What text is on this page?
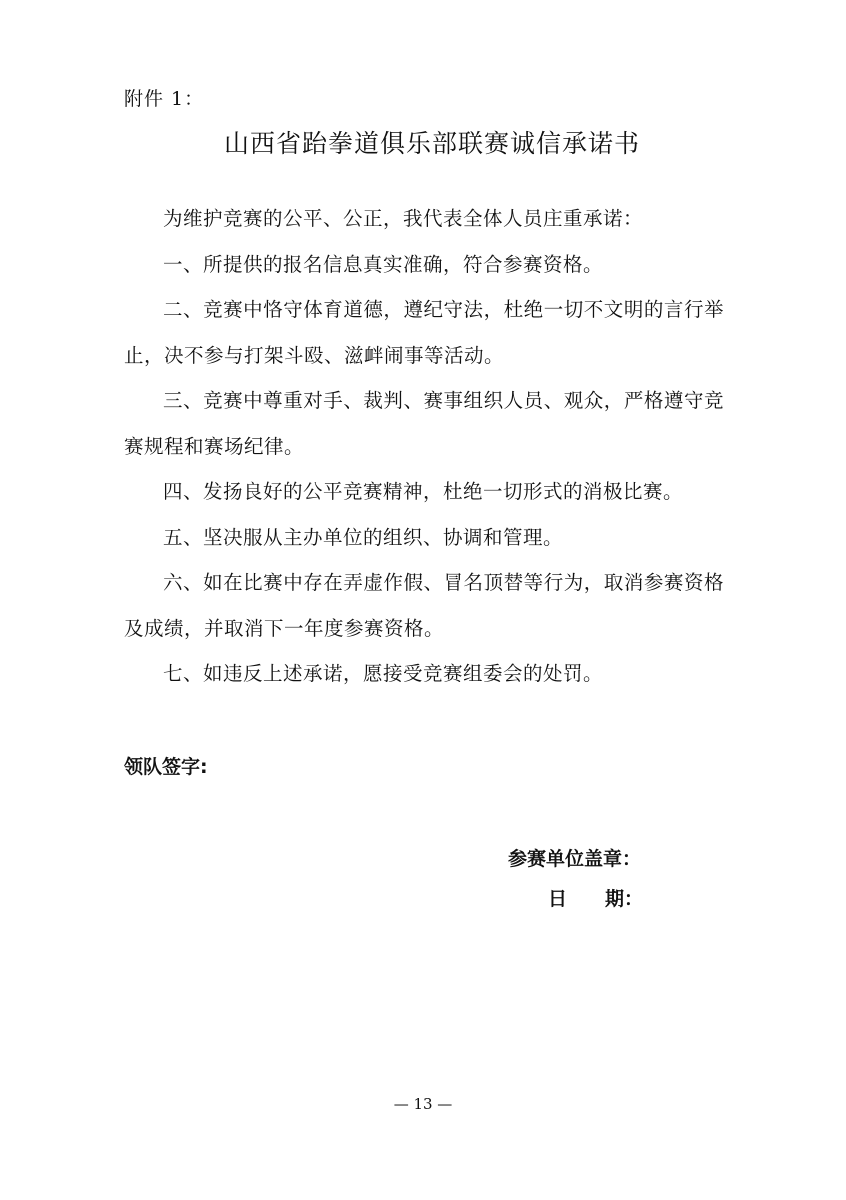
附件 1：
山西省跆拳道俱乐部联赛诚信承诺书

为维护竞赛的公平、公正，我代表全体人员庄重承诺：

一、所提供的报名信息真实准确，符合参赛资格。

二、竞赛中恪守体育道德，遵纪守法，杜绝一切不文明的言行举止，决不参与打架斗殴、滋衅闹事等活动。

三、竞赛中尊重对手、裁判、赛事组织人员、观众，严格遵守竞赛规程和赛场纪律。

四、发扬良好的公平竞赛精神，杜绝一切形式的消极比赛。

五、坚决服从主办单位的组织、协调和管理。

六、如在比赛中存在弄虚作假、冒名顶替等行为，取消参赛资格及成绩，并取消下一年度参赛资格。

七、如违反上述承诺，愿接受竞赛组委会的处罚。

领队签字:
参赛单位盖章：
日　　期：
— 13 —
